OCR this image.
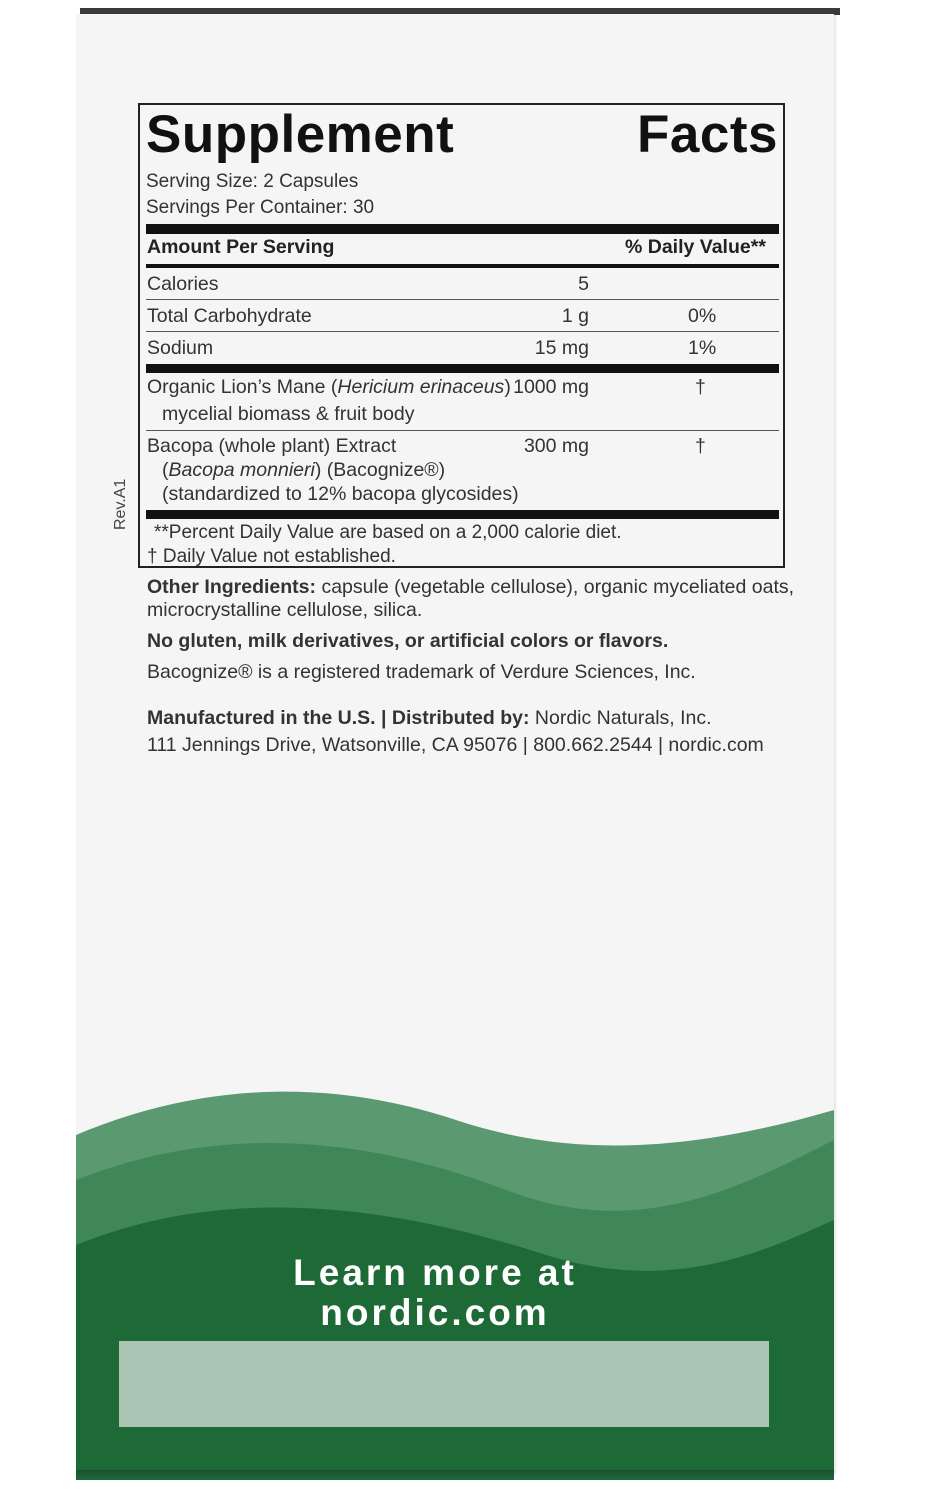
Rev.A1
Supplement	Facts
Serving Size: 2 Capsules
Servings Per Container: 30
Amount Per Serving	% Daily Value**
Calories	5
Total Carbohydrate	1 g	0%
Sodium	15 mg	1%
Organic Lion’s Mane (Hericium erinaceus)
mycelial biomass & fruit body
1000 mg	†
Bacopa (whole plant) Extract
(Bacopa monnieri) (Bacognize®)
(standardized to 12% bacopa glycosides)
300 mg	†
**Percent Daily Value are based on a 2,000 calorie diet.
† Daily Value not established.
Other Ingredients: capsule (vegetable cellulose), organic myceliated oats,
microcrystalline cellulose, silica.
No gluten, milk derivatives, or artificial colors or flavors.
Bacognize® is a registered trademark of Verdure Sciences, Inc.
Manufactured in the U.S. | Distributed by: Nordic Naturals, Inc.
111 Jennings Drive, Watsonville, CA 95076 | 800.662.2544 | nordic.com
Learn more at
nordic.com
